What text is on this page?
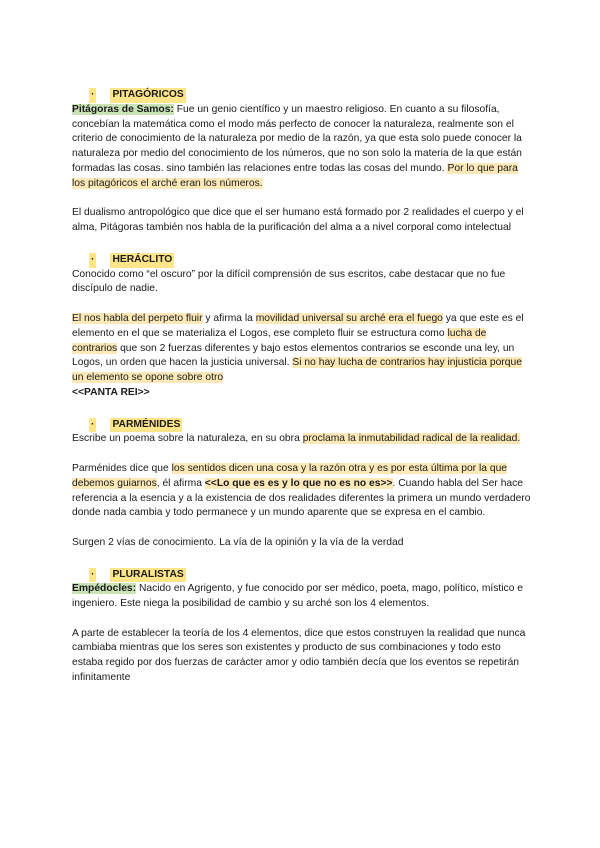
· PITAGÓRICOS

Pitágoras de Samos: Fue un genio científico y un maestro religioso. En cuanto a su filosofía, concebían la matemática como el modo más perfecto de conocer la naturaleza, realmente son el criterio de conocimiento de la naturaleza por medio de la razón, ya que esta solo puede conocer la naturaleza por medio del conocimiento de los números, que no son solo la materia de la que están formadas las cosas. sino también las relaciones entre todas las cosas del mundo. Por lo que para los pitagóricos el arché eran los números.

El dualismo antropológico que dice que el ser humano está formado por 2 realidades el cuerpo y el alma, Pitágoras también nos habla de la purificación del alma a a nivel corporal como intelectual

· HERÁCLITO

Conocido como “el oscuro” por la difícil comprensión de sus escritos, cabe destacar que no fue discípulo de nadie.

El nos habla del perpeto fluir y afirma la movilidad universal su arché era el fuego ya que este es el elemento en el que se materializa el Logos, ese completo fluir se estructura como lucha de contrarios que son 2 fuerzas diferentes y bajo estos elementos contrarios se esconde una ley, un Logos, un orden que hacen la justicia universal. Si no hay lucha de contrarios hay injusticia porque un elemento se opone sobre otro

<<PANTA REI>>

· PARMÉNIDES

Escribe un poema sobre la naturaleza, en su obra proclama la inmutabilidad radical de la realidad.

Parménides dice que los sentidos dicen una cosa y la razón otra y es por esta última por la que debemos guiarnos, él afirma <<Lo que es es y lo que no es no es>>. Cuando habla del Ser hace referencia a la esencia y a la existencia de dos realidades diferentes la primera un mundo verdadero donde nada cambia y todo permanece y un mundo aparente que se expresa en el cambio.

Surgen 2 vías de conocimiento. La vía de la opinión y la vía de la verdad

· PLURALISTAS

Empédocles: Nacido en Agrigento, y fue conocido por ser médico, poeta, mago, político, místico e ingeniero. Este niega la posibilidad de cambio y su arché son los 4 elementos.

A parte de establecer la teoría de los 4 elementos, dice que estos construyen la realidad que nunca cambiaba mientras que los seres son existentes y producto de sus combinaciones y todo esto estaba regido por dos fuerzas de carácter amor y odio también decía que los eventos se repetirán infinitamente
